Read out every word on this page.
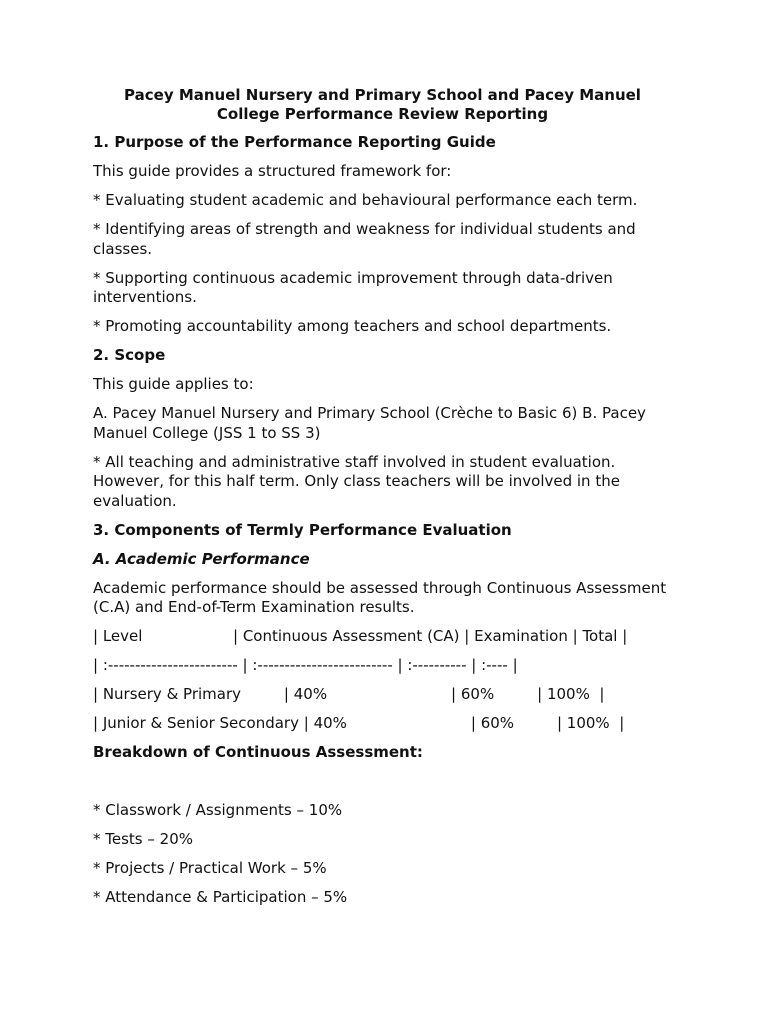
Pacey Manuel Nursery and Primary School and Pacey Manuel
College Performance Review Reporting
1. Purpose of the Performance Reporting Guide

This guide provides a structured framework for:

* Evaluating student academic and behavioural performance each term.

* Identifying areas of strength and weakness for individual students and classes.

* Supporting continuous academic improvement through data-driven interventions.

* Promoting accountability among teachers and school departments.

2. Scope

This guide applies to:

A. Pacey Manuel Nursery and Primary School (Crèche to Basic 6) B. Pacey Manuel College (JSS 1 to SS 3)

* All teaching and administrative staff involved in student evaluation. However, for this half term. Only class teachers will be involved in the evaluation.

3. Components of Termly Performance Evaluation
A. Academic Performance

Academic performance should be assessed through Continuous Assessment (C.A) and End-of-Term Examination results.

| Level                   | Continuous Assessment (CA) | Examination | Total |

| :------------------------ | :------------------------- | :---------- | :---- |

| Nursery & Primary         | 40%                          | 60%         | 100%  |

| Junior & Senior Secondary | 40%                          | 60%         | 100%  |

Breakdown of Continuous Assessment:

* Classwork / Assignments – 10%

* Tests – 20%

* Projects / Practical Work – 5%

* Attendance & Participation – 5%
